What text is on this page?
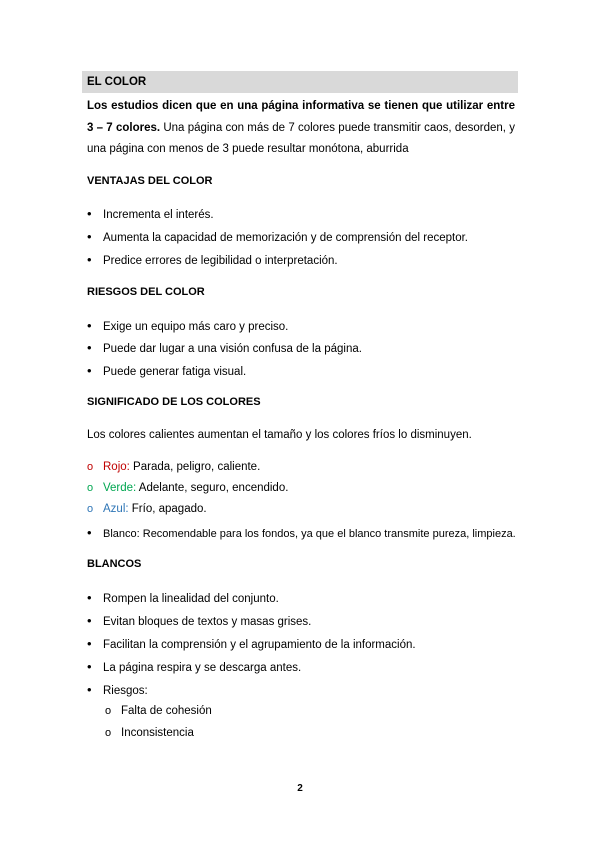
EL COLOR
Los estudios dicen que en una página informativa se tienen que utilizar entre 3 – 7 colores. Una página con más de 7 colores puede transmitir caos, desorden, y una página con menos de 3 puede resultar monótona, aburrida
VENTAJAS DEL COLOR
• Incrementa el interés.
• Aumenta la capacidad de memorización y de comprensión del receptor.
• Predice errores de legibilidad o interpretación.
RIESGOS DEL COLOR
• Exige un equipo más caro y preciso.
• Puede dar lugar a una visión confusa de la página.
• Puede generar fatiga visual.
SIGNIFICADO DE LOS COLORES
Los colores calientes aumentan el tamaño y los colores fríos lo disminuyen.
o Rojo: Parada, peligro, caliente.
o Verde: Adelante, seguro, encendido.
o Azul: Frío, apagado.
• Blanco: Recomendable para los fondos, ya que el blanco transmite pureza, limpieza.
BLANCOS
• Rompen la linealidad del conjunto.
• Evitan bloques de textos y masas grises.
• Facilitan la comprensión y el agrupamiento de la información.
• La página respira y se descarga antes.
• Riesgos:
o Falta de cohesión
o Inconsistencia
2
